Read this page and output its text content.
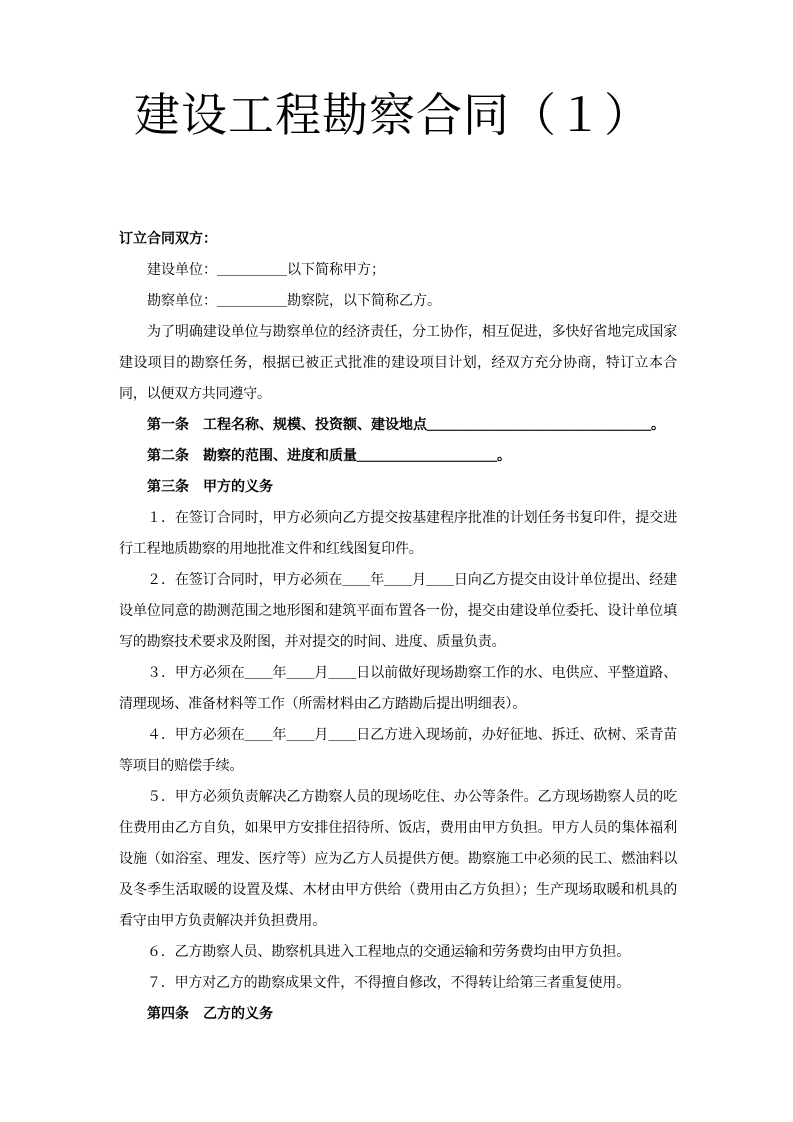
建设工程勘察合同（１）

订立合同双方：

建设单位：＿＿＿＿＿以下简称甲方；

勘察单位：＿＿＿＿＿勘察院，以下简称乙方。

为了明确建设单位与勘察单位的经济责任，分工协作，相互促进，多快好省地完成国家建设项目的勘察任务，根据已被正式批准的建设项目计划，经双方充分协商，特订立本合同，以便双方共同遵守。

第一条　工程名称、规模、投资额、建设地点＿＿＿＿＿＿＿＿＿＿＿＿＿＿＿＿。

第二条　勘察的范围、进度和质量＿＿＿＿＿＿＿＿＿＿。

第三条　甲方的义务

１．在签订合同时，甲方必须向乙方提交按基建程序批准的计划任务书复印件，提交进行工程地质勘察的用地批准文件和红线图复印件。

２．在签订合同时，甲方必须在＿＿年＿＿月＿＿日向乙方提交由设计单位提出、经建设单位同意的勘测范围之地形图和建筑平面布置各一份，提交由建设单位委托、设计单位填写的勘察技术要求及附图，并对提交的时间、进度、质量负责。

３．甲方必须在＿＿年＿＿月＿＿日以前做好现场勘察工作的水、电供应、平整道路、清理现场、准备材料等工作（所需材料由乙方踏勘后提出明细表）。

４．甲方必须在＿＿年＿＿月＿＿日乙方进入现场前，办好征地、拆迁、砍树、采青苗等项目的赔偿手续。

５．甲方必须负责解决乙方勘察人员的现场吃住、办公等条件。乙方现场勘察人员的吃住费用由乙方自负，如果甲方安排住招待所、饭店，费用由甲方负担。甲方人员的集体福利设施（如浴室、理发、医疗等）应为乙方人员提供方便。勘察施工中必须的民工、燃油料以及冬季生活取暖的设置及煤、木材由甲方供给（费用由乙方负担）；生产现场取暖和机具的看守由甲方负责解决并负担费用。

６．乙方勘察人员、勘察机具进入工程地点的交通运输和劳务费均由甲方负担。

７．甲方对乙方的勘察成果文件，不得擅自修改，不得转让给第三者重复使用。

第四条　乙方的义务
